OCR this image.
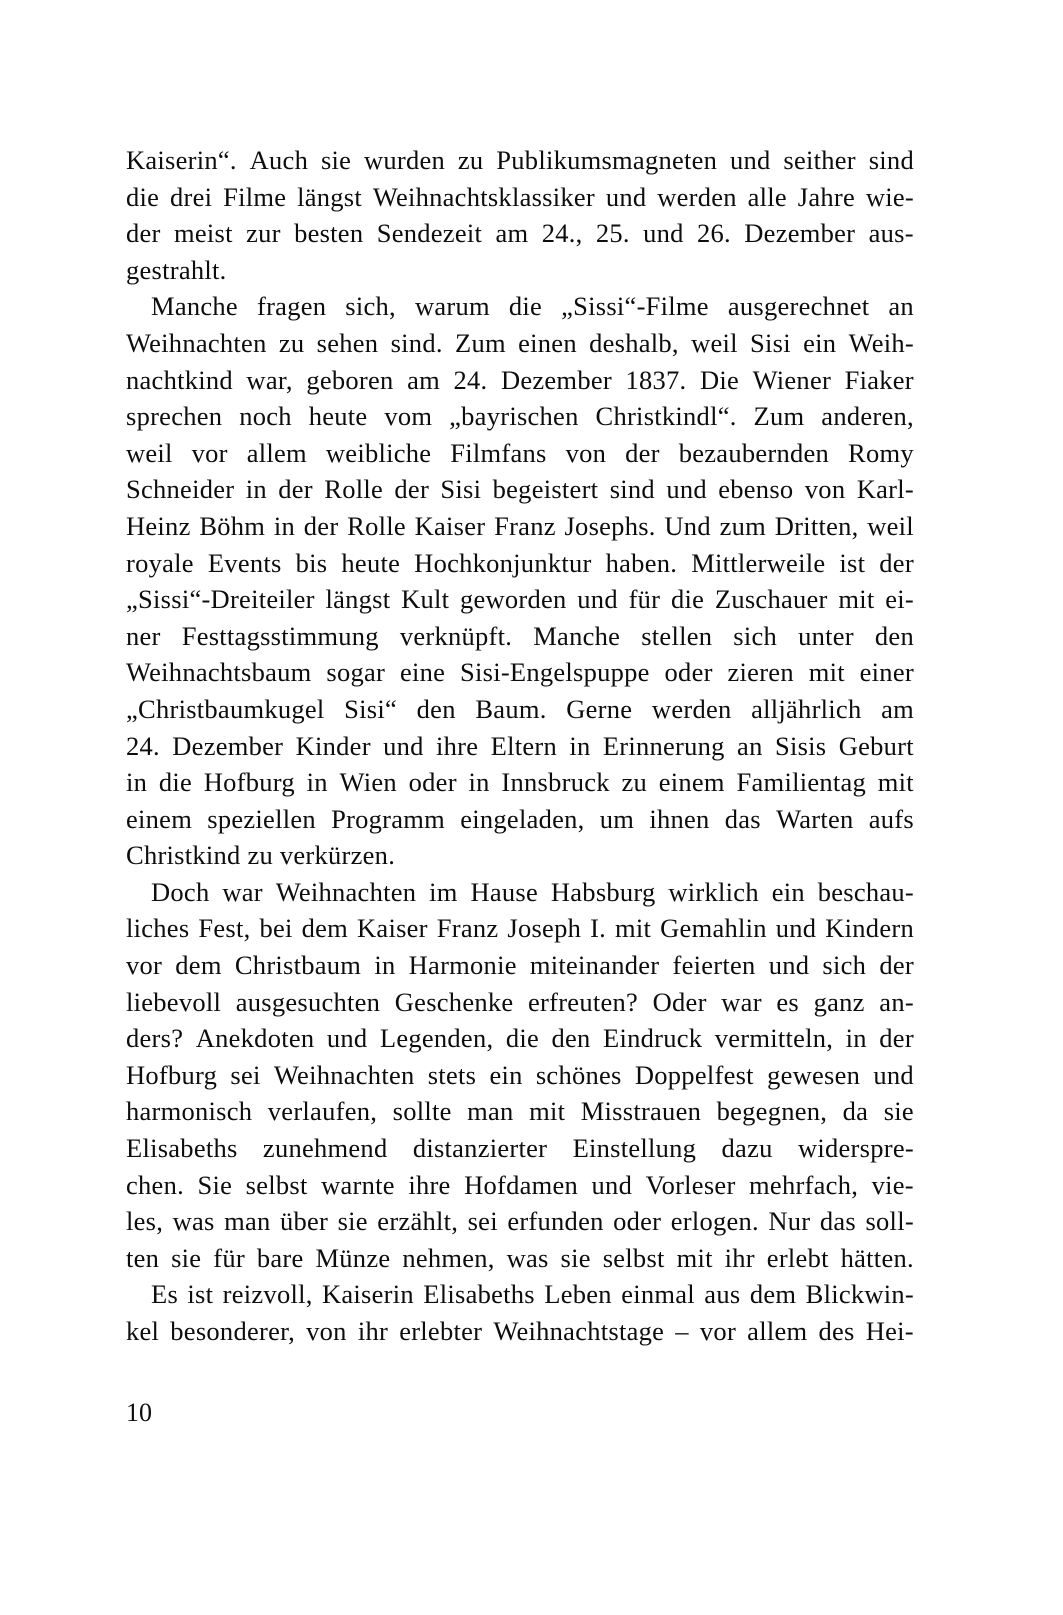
Kaiserin“. Auch sie wurden zu Publikumsmagneten und seither sind
die drei Filme längst Weihnachtsklassiker und werden alle Jahre wie-
der meist zur besten Sendezeit am 24., 25. und 26. Dezember aus-
gestrahlt.

Manche fragen sich, warum die „Sissi“-Filme ausgerechnet an
Weihnachten zu sehen sind. Zum einen deshalb, weil Sisi ein Weih-
nachtkind war, geboren am 24. Dezember 1837. Die Wiener Fiaker
sprechen noch heute vom „bayrischen Christkindl“. Zum anderen,
weil vor allem weibliche Filmfans von der bezaubernden Romy
Schneider in der Rolle der Sisi begeistert sind und ebenso von Karl-
Heinz Böhm in der Rolle Kaiser Franz Josephs. Und zum Dritten, weil
royale Events bis heute Hochkonjunktur haben. Mittlerweile ist der
„Sissi“-Dreiteiler längst Kult geworden und für die Zuschauer mit ei-
ner Festtagsstimmung verknüpft. Manche stellen sich unter den
Weihnachtsbaum sogar eine Sisi-Engelspuppe oder zieren mit einer
„Christbaumkugel Sisi“ den Baum. Gerne werden alljährlich am
24. Dezember Kinder und ihre Eltern in Erinnerung an Sisis Geburt
in die Hofburg in Wien oder in Innsbruck zu einem Familientag mit
einem speziellen Programm eingeladen, um ihnen das Warten aufs
Christkind zu verkürzen.

Doch war Weihnachten im Hause Habsburg wirklich ein beschau-
liches Fest, bei dem Kaiser Franz Joseph I. mit Gemahlin und Kindern
vor dem Christbaum in Harmonie miteinander feierten und sich der
liebevoll ausgesuchten Geschenke erfreuten? Oder war es ganz an-
ders? Anekdoten und Legenden, die den Eindruck vermitteln, in der
Hofburg sei Weihnachten stets ein schönes Doppelfest gewesen und
harmonisch verlaufen, sollte man mit Misstrauen begegnen, da sie
Elisabeths zunehmend distanzierter Einstellung dazu widerspre-
chen. Sie selbst warnte ihre Hofdamen und Vorleser mehrfach, vie-
les, was man über sie erzählt, sei erfunden oder erlogen. Nur das soll-
ten sie für bare Münze nehmen, was sie selbst mit ihr erlebt hätten.

Es ist reizvoll, Kaiserin Elisabeths Leben einmal aus dem Blickwin-
kel besonderer, von ihr erlebter Weihnachtstage – vor allem des Hei-

10
